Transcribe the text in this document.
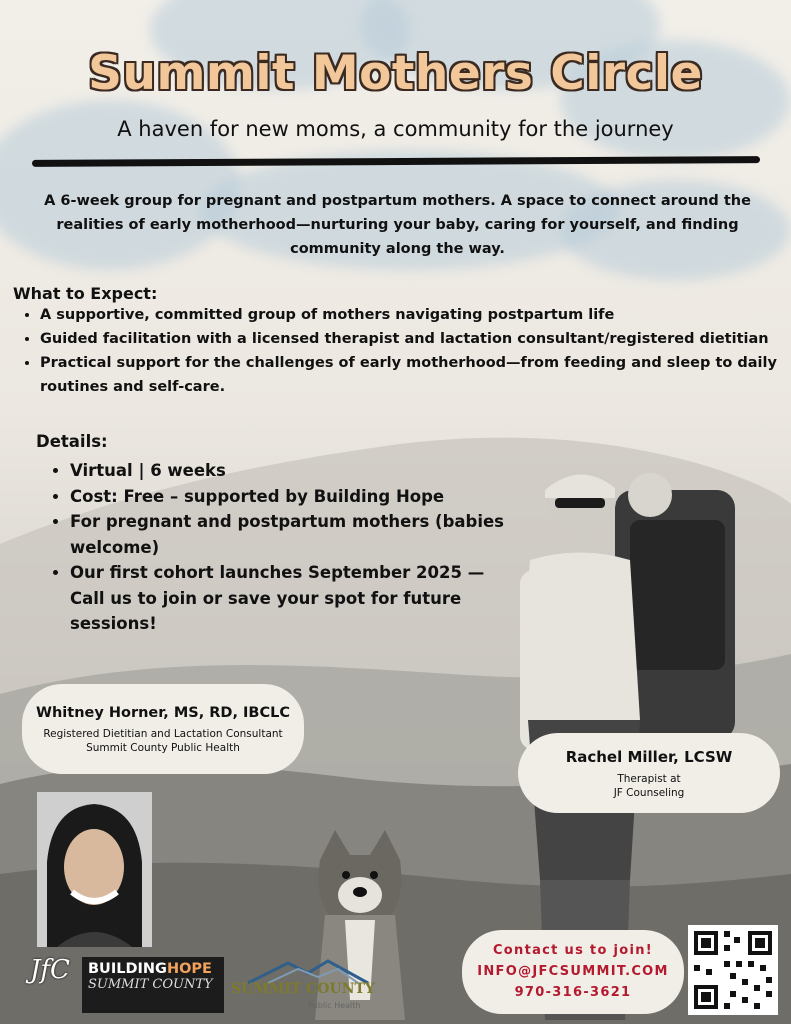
Summit Mothers Circle
A haven for new moms, a community for the journey
A 6-week group for pregnant and postpartum mothers. A space to connect around the realities of early motherhood—nurturing your baby, caring for yourself, and finding community along the way.
What to Expect:
• A supportive, committed group of mothers navigating postpartum life
• Guided facilitation with a licensed therapist and lactation consultant/registered dietitian
• Practical support for the challenges of early motherhood—from feeding and sleep to daily routines and self-care.
Details:
• Virtual | 6 weeks
• Cost: Free – supported by Building Hope
• For pregnant and postpartum mothers (babies welcome)
• Our first cohort launches September 2025 — Call us to join or save your spot for future sessions!
Whitney Horner, MS, RD, IBCLC
Registered Dietitian and Lactation Consultant
Summit County Public Health	Rachel Miller, LCSW
Therapist at
JF Counseling
JfC BUILDINGHOPE
SUMMIT COUNTY	SUMMIT COUNTY
Public Health
Contact us to join!
INFO@JFCSUMMIT.COM
970-316-3621
